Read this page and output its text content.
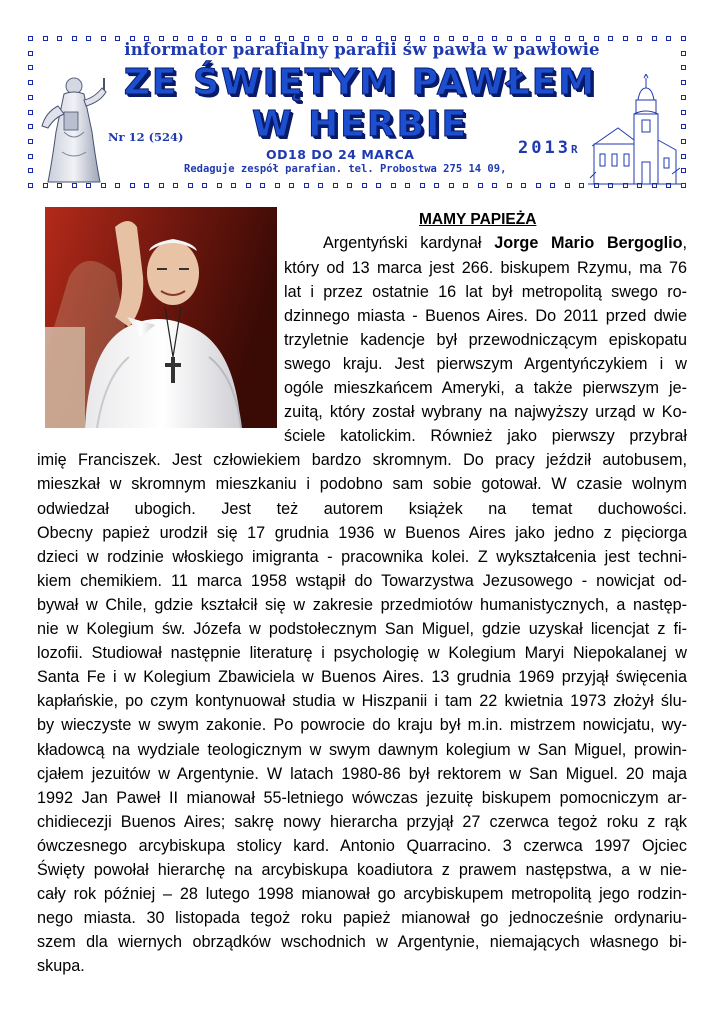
informator parafialny parafii św pawła w pawłowie
ZE ŚWIĘTYM PAWŁEM
W HERBIE
Nr 12 (524)
OD18 DO 24 MARCA	2013R
Redaguje zespół parafian. tel. Probostwa 275 14 09,
MAMY PAPIEŻA
Argentyński kardynał Jorge Mario Bergoglio,
który od 13 marca jest 266. biskupem Rzymu, ma 76
lat i przez ostatnie 16 lat był metropolitą swego ro-
dzinnego miasta - Buenos Aires. Do 2011 przed dwie
trzyletnie kadencje był przewodniczącym episkopatu
swego kraju. Jest pierwszym Argentyńczykiem i w
ogóle mieszkańcem Ameryki, a także pierwszym je-
zuitą, który został wybrany na najwyższy urząd w Ko-
ściele katolickim. Również jako pierwszy przybrał
imię Franciszek. Jest człowiekiem bardzo skromnym. Do pracy jeździł autobusem,
mieszkał w skromnym mieszkaniu i podobno sam sobie gotował. W czasie wolnym
odwiedzał ubogich. Jest też autorem książek na temat duchowości.
Obecny papież urodził się 17 grudnia 1936 w Buenos Aires jako jedno z pięciorga
dzieci w rodzinie włoskiego imigranta - pracownika kolei. Z wykształcenia jest techni-
kiem chemikiem. 11 marca 1958 wstąpił do Towarzystwa Jezusowego - nowicjat od-
bywał w Chile, gdzie kształcił się w zakresie przedmiotów humanistycznych, a następ-
nie w Kolegium św. Józefa w podstołecznym San Miguel, gdzie uzyskał licencjat z fi-
lozofii. Studiował następnie literaturę i psychologię w Kolegium Maryi Niepokalanej w
Santa Fe i w Kolegium Zbawiciela w Buenos Aires. 13 grudnia 1969 przyjął święcenia
kapłańskie, po czym kontynuował studia w Hiszpanii i tam 22 kwietnia 1973 złożył ślu-
by wieczyste w swym zakonie. Po powrocie do kraju był m.in. mistrzem nowicjatu, wy-
kładowcą na wydziale teologicznym w swym dawnym kolegium w San Miguel, prowin-
cjałem jezuitów w Argentynie. W latach 1980-86 był rektorem w San Miguel. 20 maja
1992 Jan Paweł II mianował 55-letniego wówczas jezuitę biskupem pomocniczym ar-
chidiecezji Buenos Aires; sakrę nowy hierarcha przyjął 27 czerwca tegoż roku z rąk
ówczesnego arcybiskupa stolicy kard. Antonio Quarracino. 3 czerwca 1997 Ojciec
Święty powołał hierarchę na arcybiskupa koadiutora z prawem następstwa, a w nie-
cały rok później – 28 lutego 1998 mianował go arcybiskupem metropolitą jego rodzin-
nego miasta. 30 listopada tegoż roku papież mianował go jednocześnie ordynariu-
szem dla wiernych obrządków wschodnich w Argentynie, niemających własnego bi-
skupa.
